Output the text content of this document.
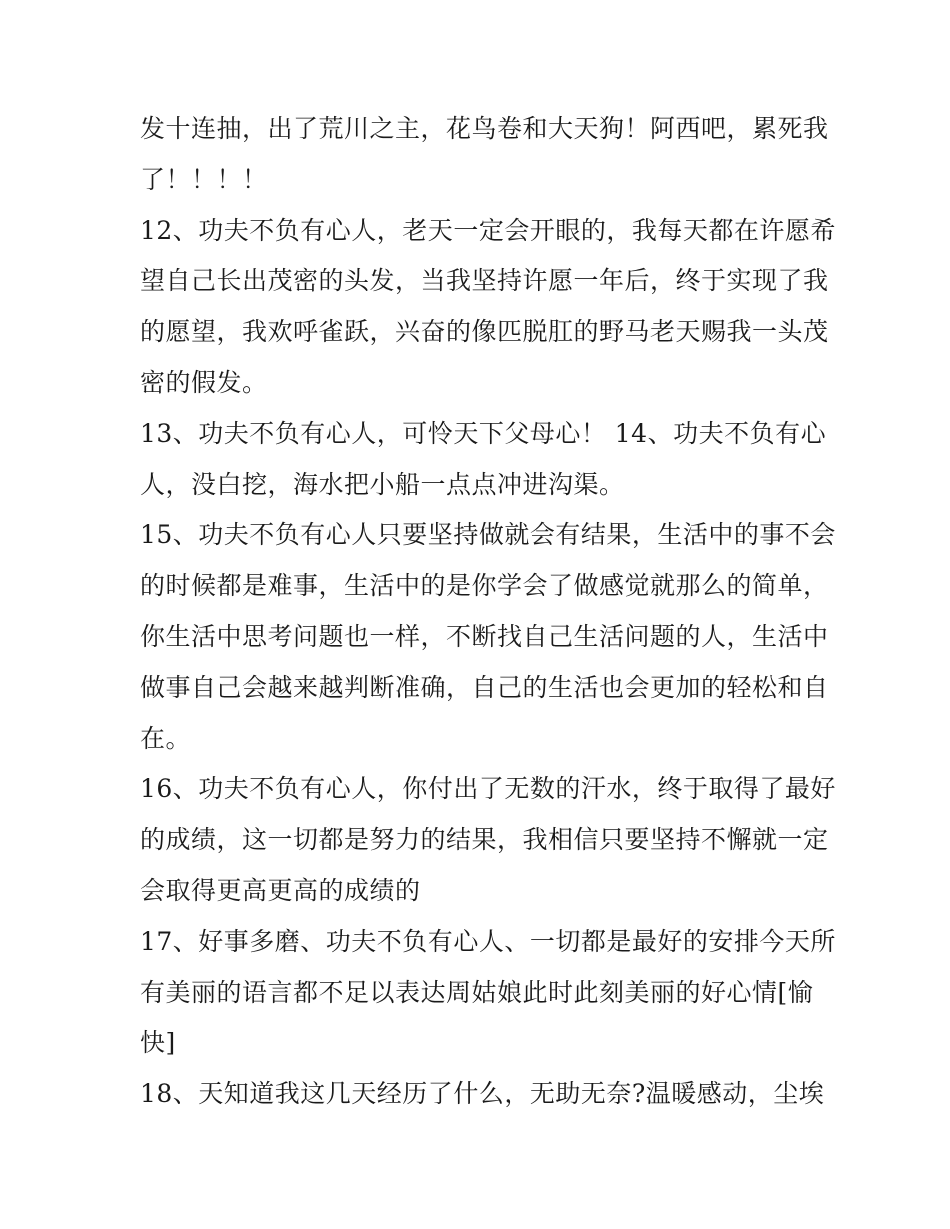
发十连抽，出了荒川之主，花鸟卷和大天狗！阿西吧，累死我
了！！！！
12、功夫不负有心人，老天一定会开眼的，我每天都在许愿希
望自己长出茂密的头发，当我坚持许愿一年后，终于实现了我
的愿望，我欢呼雀跃，兴奋的像匹脱肛的野马老天赐我一头茂
密的假发。
13、功夫不负有心人，可怜天下父母心！ 14、功夫不负有心
人，没白挖，海水把小船一点点冲进沟渠。
15、功夫不负有心人只要坚持做就会有结果，生活中的事不会
的时候都是难事，生活中的是你学会了做感觉就那么的简单，
你生活中思考问题也一样，不断找自己生活问题的人，生活中
做事自己会越来越判断准确，自己的生活也会更加的轻松和自
在。
16、功夫不负有心人，你付出了无数的汗水，终于取得了最好
的成绩，这一切都是努力的结果，我相信只要坚持不懈就一定
会取得更高更高的成绩的
17、好事多磨、功夫不负有心人、一切都是最好的安排今天所
有美丽的语言都不足以表达周姑娘此时此刻美丽的好心情[愉
快]
18、天知道我这几天经历了什么，无助无奈?温暖感动，尘埃
